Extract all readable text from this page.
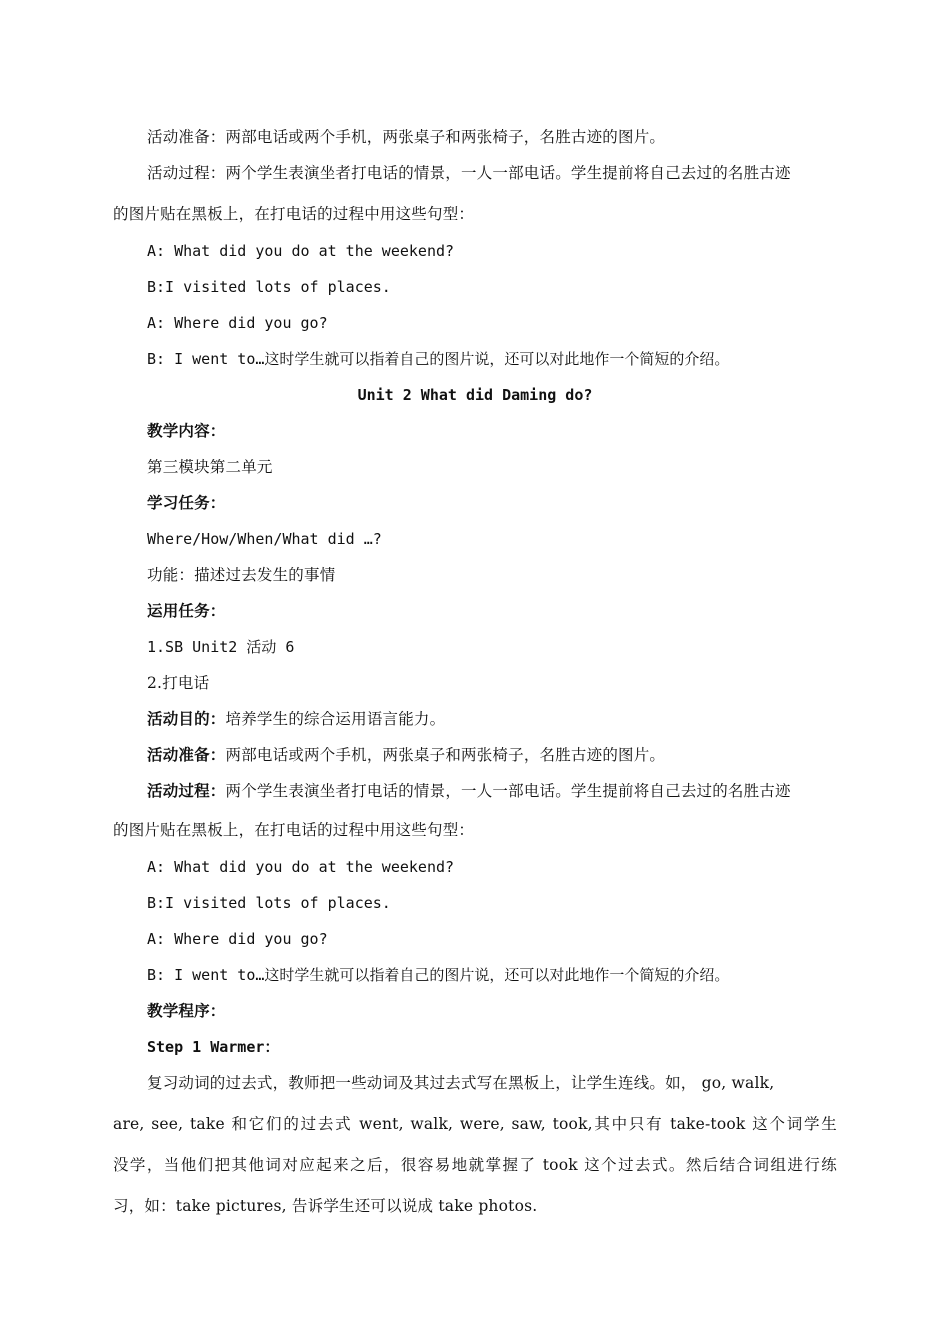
活动准备：两部电话或两个手机，两张桌子和两张椅子，名胜古迹的图片。
活动过程：两个学生表演坐者打电话的情景，一人一部电话。学生提前将自己去过的名胜古迹
的图片贴在黑板上，在打电话的过程中用这些句型：
A: What did you do at the weekend?
B:I visited lots of places.
A: Where did you go?
B: I went to…这时学生就可以指着自己的图片说，还可以对此地作一个简短的介绍。
Unit 2 What did Daming do?
教学内容：
第三模块第二单元
学习任务：
Where/How/When/What did …?
功能：描述过去发生的事情
运用任务：
1.SB Unit2 活动 6
2.打电话
活动目的：培养学生的综合运用语言能力。
活动准备：两部电话或两个手机，两张桌子和两张椅子，名胜古迹的图片。
活动过程：两个学生表演坐者打电话的情景，一人一部电话。学生提前将自己去过的名胜古迹
的图片贴在黑板上，在打电话的过程中用这些句型：
A: What did you do at the weekend?
B:I visited lots of places.
A: Where did you go?
B: I went to…这时学生就可以指着自己的图片说，还可以对此地作一个简短的介绍。
教学程序：
Step 1 Warmer：
复习动词的过去式，教师把一些动词及其过去式写在黑板上，让学生连线。如， go, walk,
are, see, take 和它们的过去式 went, walk, were, saw, took,其中只有 take-took 这个词学生
没学，当他们把其他词对应起来之后，很容易地就掌握了 took 这个过去式。然后结合词组进行练
习，如：take pictures, 告诉学生还可以说成 take photos.
